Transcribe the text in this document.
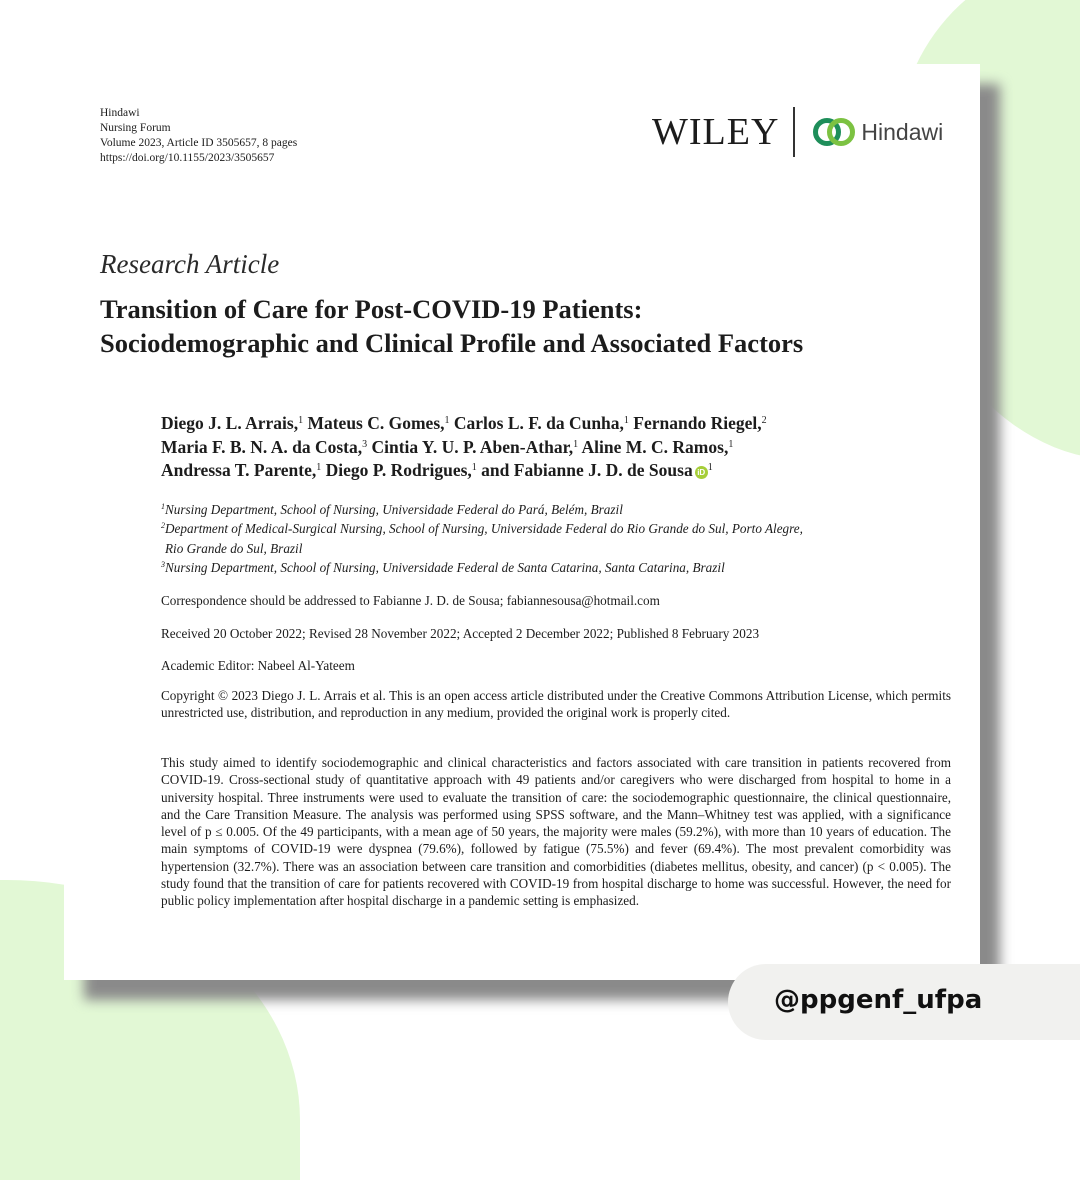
Hindawi
Nursing Forum
Volume 2023, Article ID 3505657, 8 pages
https://doi.org/10.1155/2023/3505657
WILEY	Hindawi
Research Article
Transition of Care for Post-COVID-19 Patients:
Sociodemographic and Clinical Profile and Associated Factors
Diego J. L. Arrais,$^1$ Mateus C. Gomes,$^1$ Carlos L. F. da Cunha,$^1$ Fernando Riegel,$^2$
Maria F. B. N. A. da Costa,$^3$ Cintia Y. U. P. Aben-Athar,$^1$ Aline M. C. Ramos,$^1$
Andressa T. Parente,$^1$ Diego P. Rodrigues,$^1$ and Fabianne J. D. de Sousa iD $^1$
$^1$Nursing Department, School of Nursing, Universidade Federal do Pará, Belém, Brazil
$^2$Department of Medical-Surgical Nursing, School of Nursing, Universidade Federal do Rio Grande do Sul, Porto Alegre,
Rio Grande do Sul, Brazil
$^3$Nursing Department, School of Nursing, Universidade Federal de Santa Catarina, Santa Catarina, Brazil
Correspondence should be addressed to Fabianne J. D. de Sousa; fabiannesousa@hotmail.com
Received 20 October 2022; Revised 28 November 2022; Accepted 2 December 2022; Published 8 February 2023
Academic Editor: Nabeel Al-Yateem
Copyright © 2023 Diego J. L. Arrais et al. This is an open access article distributed under the Creative Commons Attribution License, which permits unrestricted use, distribution, and reproduction in any medium, provided the original work is properly cited.
This study aimed to identify sociodemographic and clinical characteristics and factors associated with care transition in patients recovered from COVID-19. Cross-sectional study of quantitative approach with 49 patients and/or caregivers who were discharged from hospital to home in a university hospital. Three instruments were used to evaluate the transition of care: the sociodemographic questionnaire, the clinical questionnaire, and the Care Transition Measure. The analysis was performed using SPSS software, and the Mann–Whitney test was applied, with a significance level of p ≤ 0.005. Of the 49 participants, with a mean age of 50 years, the majority were males (59.2%), with more than 10 years of education. The main symptoms of COVID-19 were dyspnea (79.6%), followed by fatigue (75.5%) and fever (69.4%). The most prevalent comorbidity was hypertension (32.7%). There was an association between care transition and comorbidities (diabetes mellitus, obesity, and cancer) (p < 0.005). The study found that the transition of care for patients recovered with COVID-19 from hospital discharge to home was successful. However, the need for public policy implementation after hospital discharge in a pandemic setting is emphasized.
@ppgenf_ufpa
